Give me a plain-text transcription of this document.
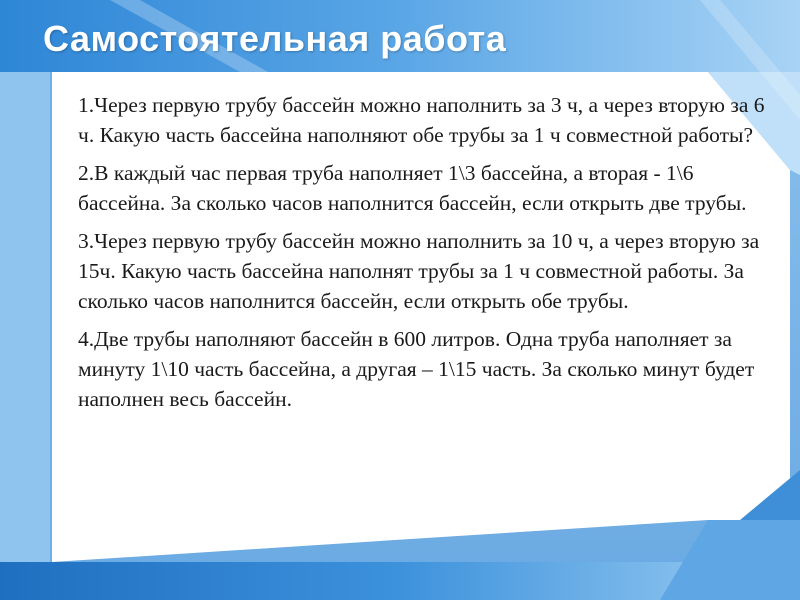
Самостоятельная работа

1.Через первую трубу бассейн можно наполнить за 3 ч, а через вторую за 6 ч. Какую часть бассейна наполняют обе трубы за 1 ч совместной работы?

2.В каждый час первая труба наполняет 1\3 бассейна, а вторая - 1\6 бассейна. За сколько часов наполнится бассейн, если открыть две трубы.

3.Через первую трубу бассейн можно наполнить за 10 ч, а через вторую за 15ч. Какую часть бассейна наполнят трубы за 1 ч совместной работы. За сколько часов наполнится бассейн, если открыть обе трубы.

4.Две трубы наполняют бассейн в 600 литров. Одна труба наполняет за минуту 1\10 часть бассейна, а другая – 1\15 часть. За сколько минут будет наполнен весь бассейн.
